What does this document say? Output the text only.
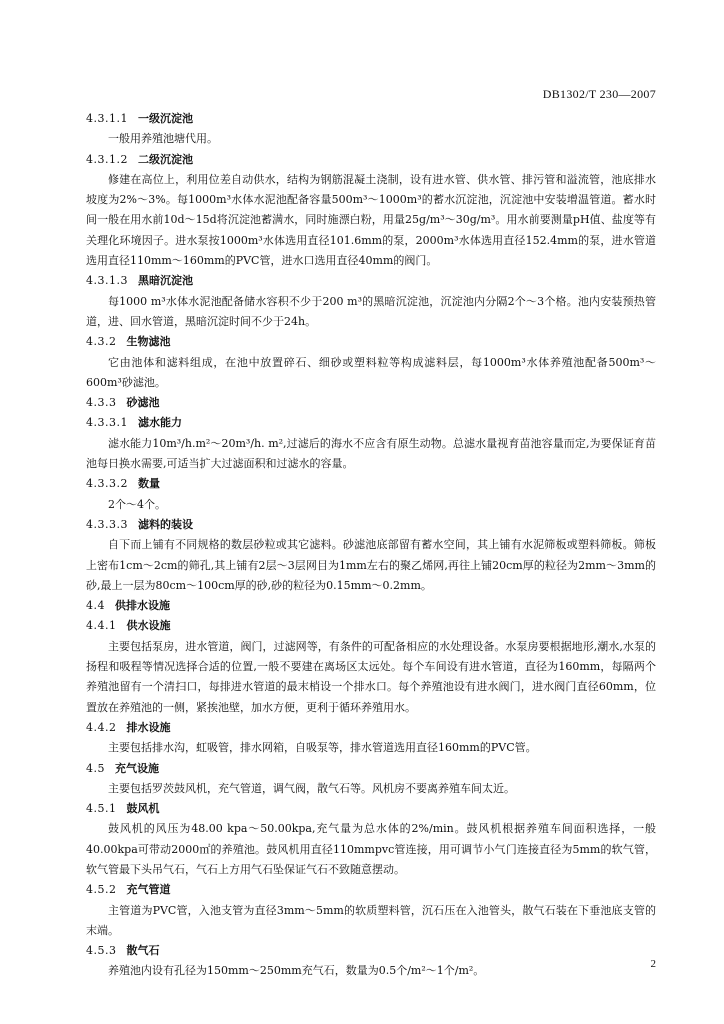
DB1302/T 230—2007
4.3.1.1 一级沉淀池
一般用养殖池塘代用。
4.3.1.2 二级沉淀池
修建在高位上，利用位差自动供水，结构为钢筋混凝土浇制，设有进水管、供水管、排污管和溢流管，池底排水坡度为2%～3%。每1000m³水体水泥池配备容量500m³～1000m³的蓄水沉淀池，沉淀池中安装增温管道。蓄水时间一般在用水前10d～15d将沉淀池蓄满水，同时施漂白粉，用量25g/m³～30g/m³。用水前要测量pH值、盐度等有关理化环境因子。进水泵按1000m³水体选用直径101.6mm的泵，2000m³水体选用直径152.4mm的泵，进水管道选用直径110mm～160mm的PVC管，进水口选用直径40mm的阀门。
4.3.1.3 黑暗沉淀池
每1000 m³水体水泥池配备储水容积不少于200 m³的黑暗沉淀池，沉淀池内分隔2个～3个格。池内安装预热管道，进、回水管道，黑暗沉淀时间不少于24h。
4.3.2 生物滤池
它由池体和滤料组成，在池中放置碎石、细砂或塑料粒等构成滤料层，每1000m³水体养殖池配备500m³～600m³砂滤池。
4.3.3 砂滤池
4.3.3.1 滤水能力
滤水能力10m³/h.m²～20m³/h. m²,过滤后的海水不应含有原生动物。总滤水量视育苗池容量而定,为要保证育苗池每日换水需要,可适当扩大过滤面积和过滤水的容量。
4.3.3.2 数量
2个～4个。
4.3.3.3 滤料的装设
自下而上铺有不同规格的数层砂粒或其它滤料。砂滤池底部留有蓄水空间，其上铺有水泥筛板或塑料筛板。筛板上密布1cm～2cm的筛孔,其上铺有2层～3层网目为1mm左右的聚乙烯网,再往上铺20cm厚的粒径为2mm～3mm的砂,最上一层为80cm～100cm厚的砂,砂的粒径为0.15mm～0.2mm。
4.4 供排水设施
4.4.1 供水设施
主要包括泵房，进水管道，阀门，过滤网等，有条件的可配备相应的水处理设备。水泵房要根据地形,潮水,水泵的扬程和吸程等情况选择合适的位置,一般不要建在离场区太远处。每个车间设有进水管道，直径为160mm，每隔两个养殖池留有一个清扫口，每排进水管道的最末梢设一个排水口。每个养殖池设有进水阀门，进水阀门直径60mm，位置放在养殖池的一侧，紧挨池壁，加水方便，更利于循环养殖用水。
4.4.2 排水设施
主要包括排水沟，虹吸管，排水网箱，自吸泵等，排水管道选用直径160mm的PVC管。
4.5 充气设施
主要包括罗茨鼓风机，充气管道，调气阀，散气石等。风机房不要离养殖车间太近。
4.5.1 鼓风机
鼓风机的风压为48.00 kpa～50.00kpa,充气量为总水体的2%/min。鼓风机根据养殖车间面积选择，一般40.00kpa可带动2000㎡的养殖池。鼓风机用直径110mmpvc管连接，用可调节小气门连接直径为5mm的软气管，软气管最下头吊气石，气石上方用气石坠保证气石不致随意摆动。
4.5.2 充气管道
主管道为PVC管，入池支管为直径3mm～5mm的软质塑料管，沉石压在入池管头，散气石装在下垂池底支管的末端。
4.5.3 散气石
养殖池内设有孔径为150mm～250mm充气石，数量为0.5个/m²～1个/m²。
2
